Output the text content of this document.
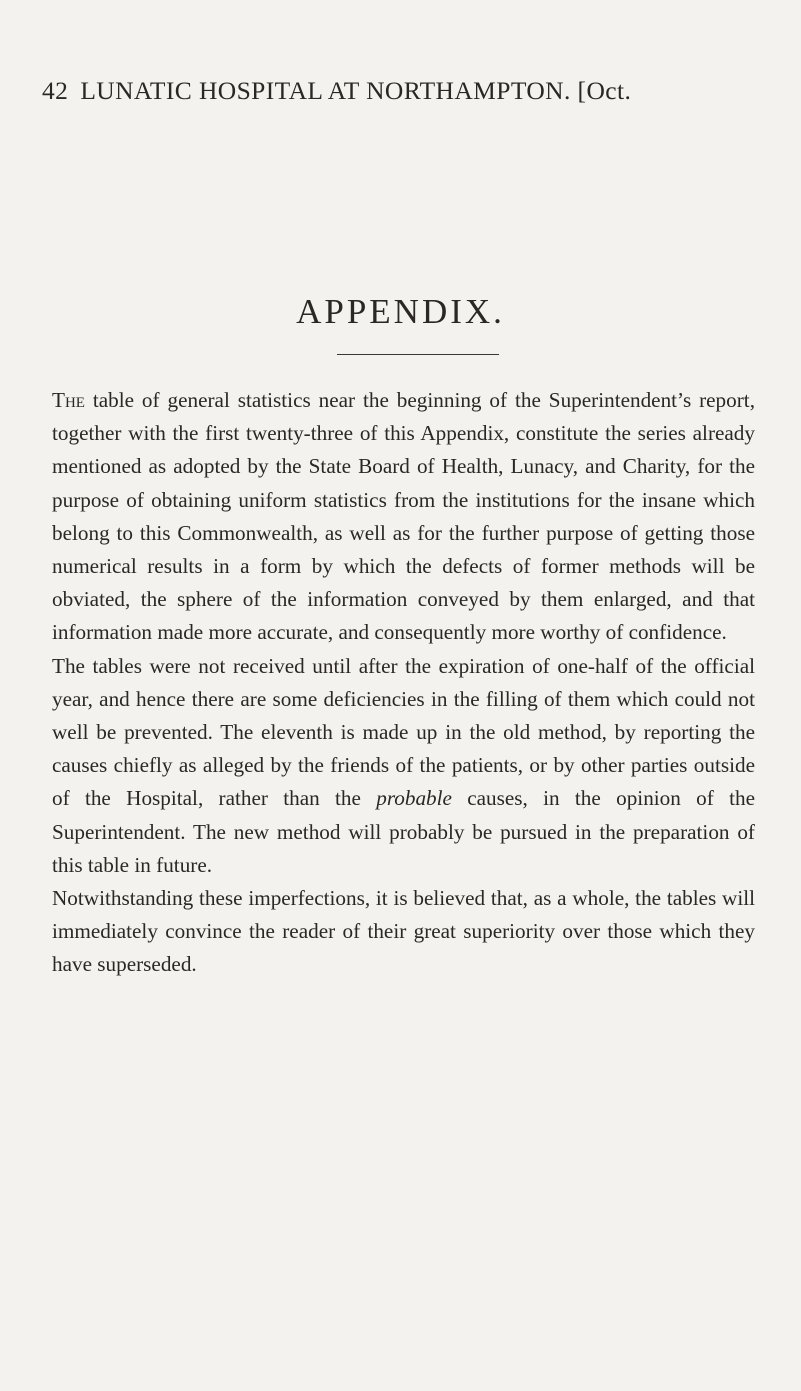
42 LUNATIC HOSPITAL AT NORTHAMPTON. [Oct.
APPENDIX.

The table of general statistics near the beginning of the Superintendent’s report, together with the first twenty-three of this Appendix, constitute the series already mentioned as adopted by the State Board of Health, Lunacy, and Charity, for the purpose of obtaining uniform statistics from the institutions for the insane which belong to this Commonwealth, as well as for the further purpose of getting those numerical results in a form by which the defects of former methods will be obviated, the sphere of the information conveyed by them enlarged, and that information made more accurate, and consequently more worthy of confidence.

The tables were not received until after the expiration of one-half of the official year, and hence there are some deficiencies in the filling of them which could not well be prevented. The eleventh is made up in the old method, by reporting the causes chiefly as alleged by the friends of the patients, or by other parties outside of the Hospital, rather than the probable causes, in the opinion of the Superintendent. The new method will probably be pursued in the preparation of this table in future.

Notwithstanding these imperfections, it is believed that, as a whole, the tables will immediately convince the reader of their great superiority over those which they have superseded.
